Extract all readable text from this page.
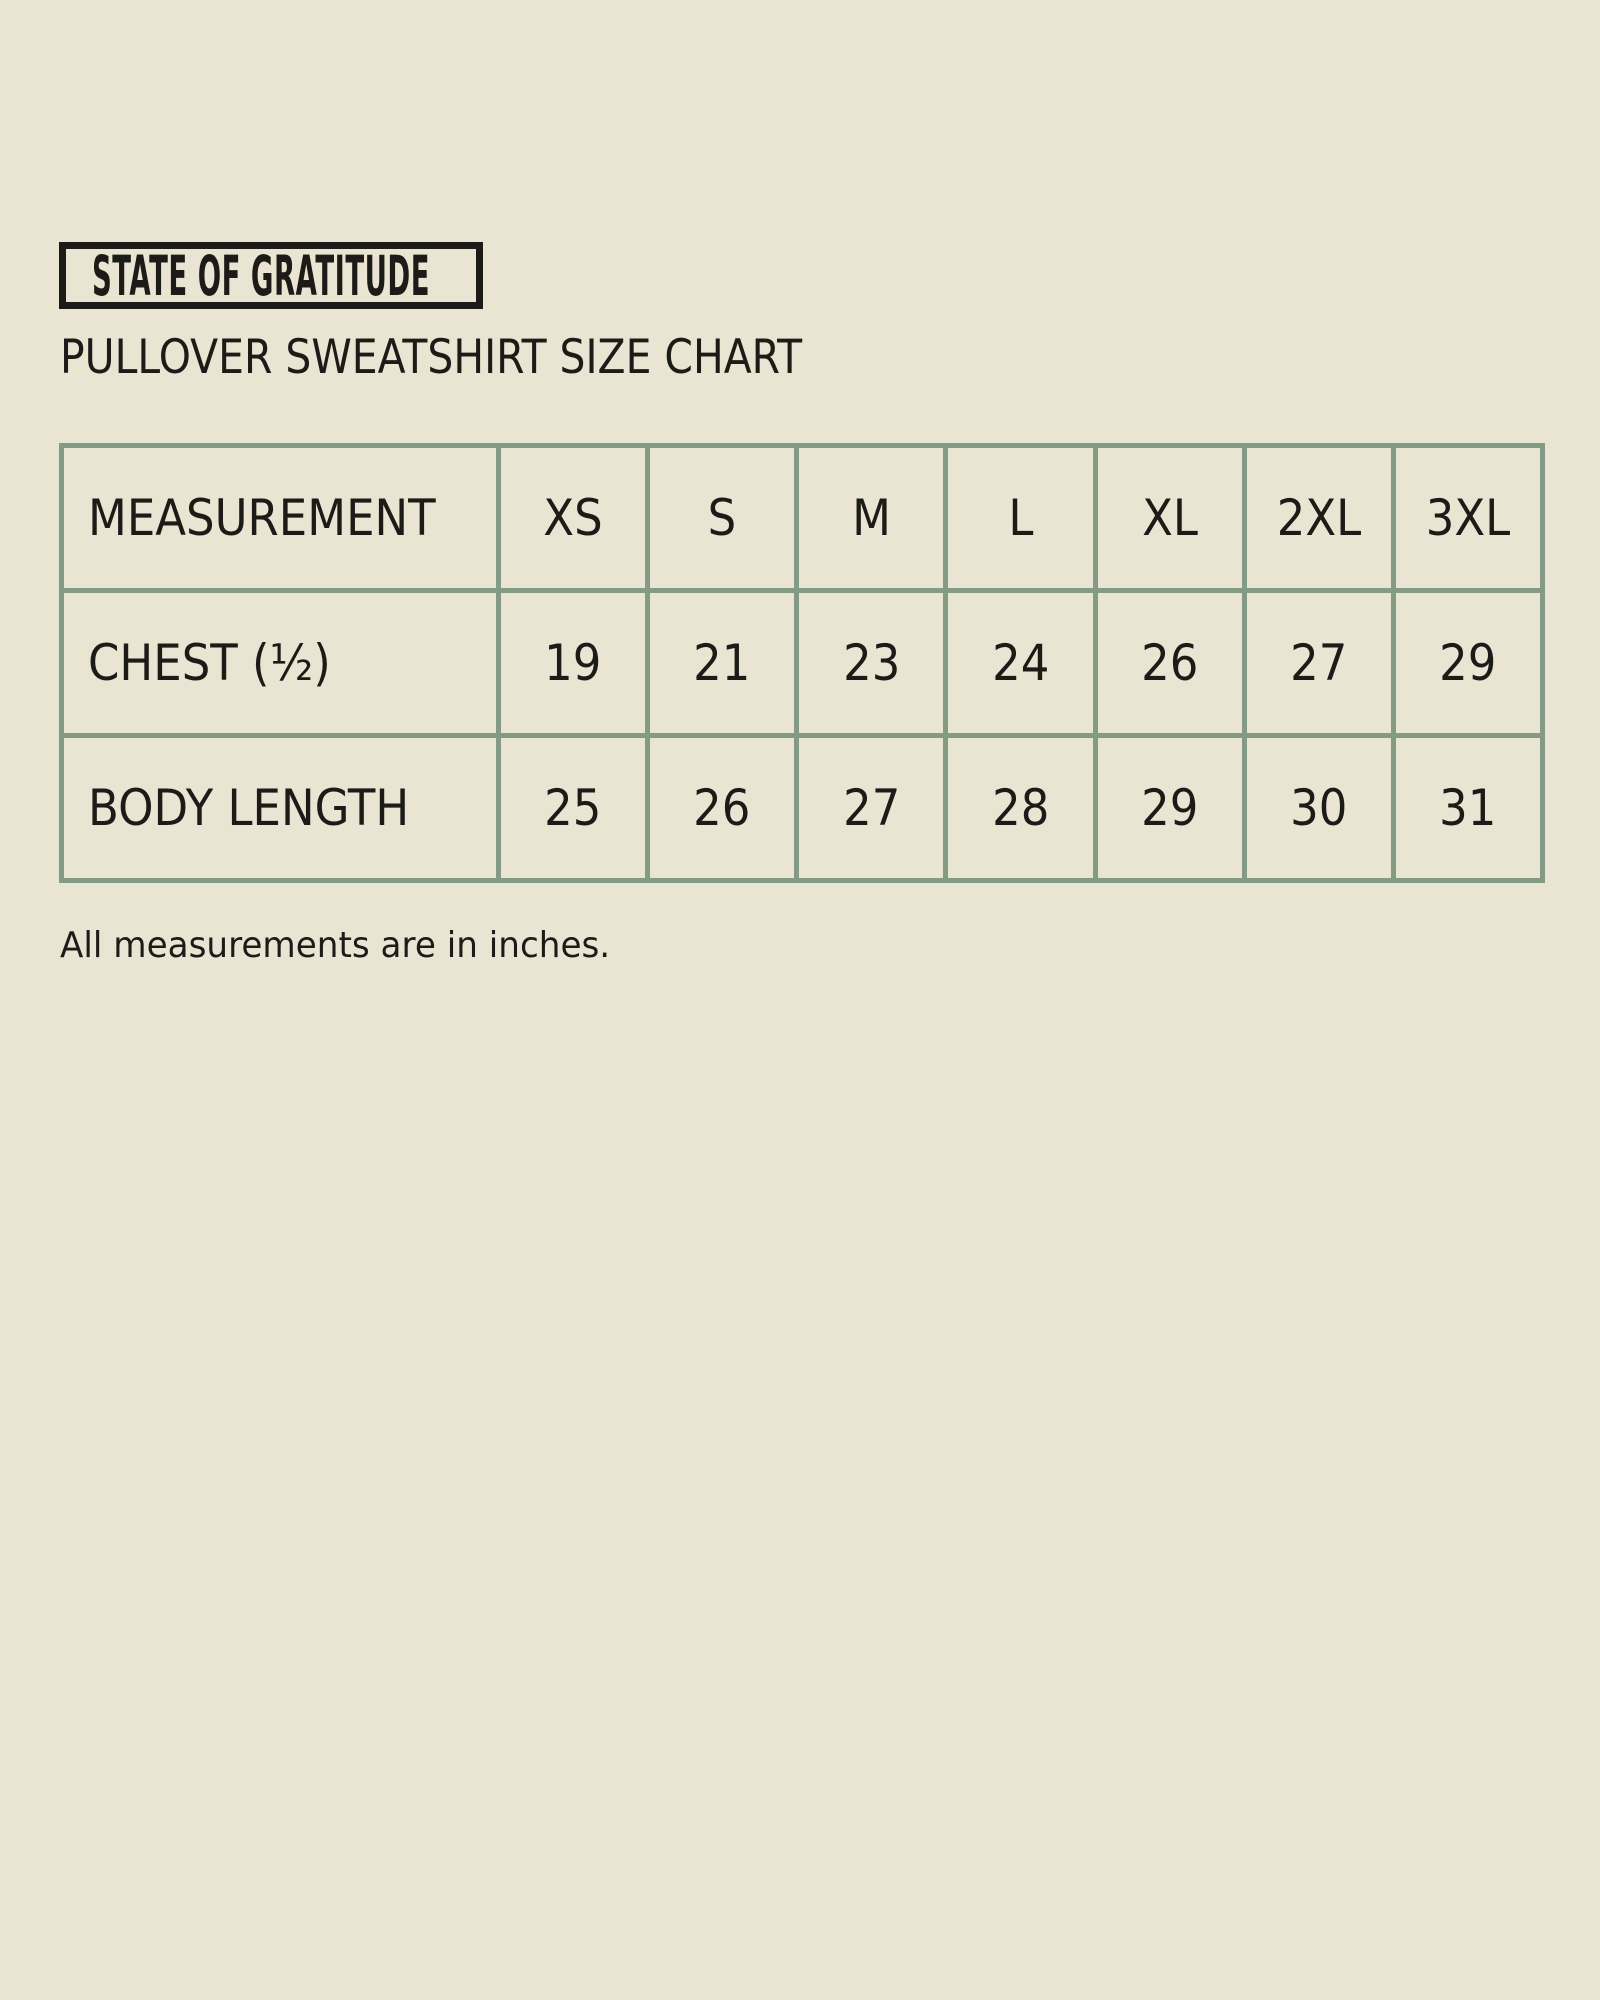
STATE OF GRATITUDE
PULLOVER SWEATSHIRT SIZE CHART
MEASUREMENT	XS	S	M	L	XL	2XL	3XL
CHEST (½)	19	21	23	24	26	27	29
BODY LENGTH	25	26	27	28	29	30	31
All measurements are in inches.
